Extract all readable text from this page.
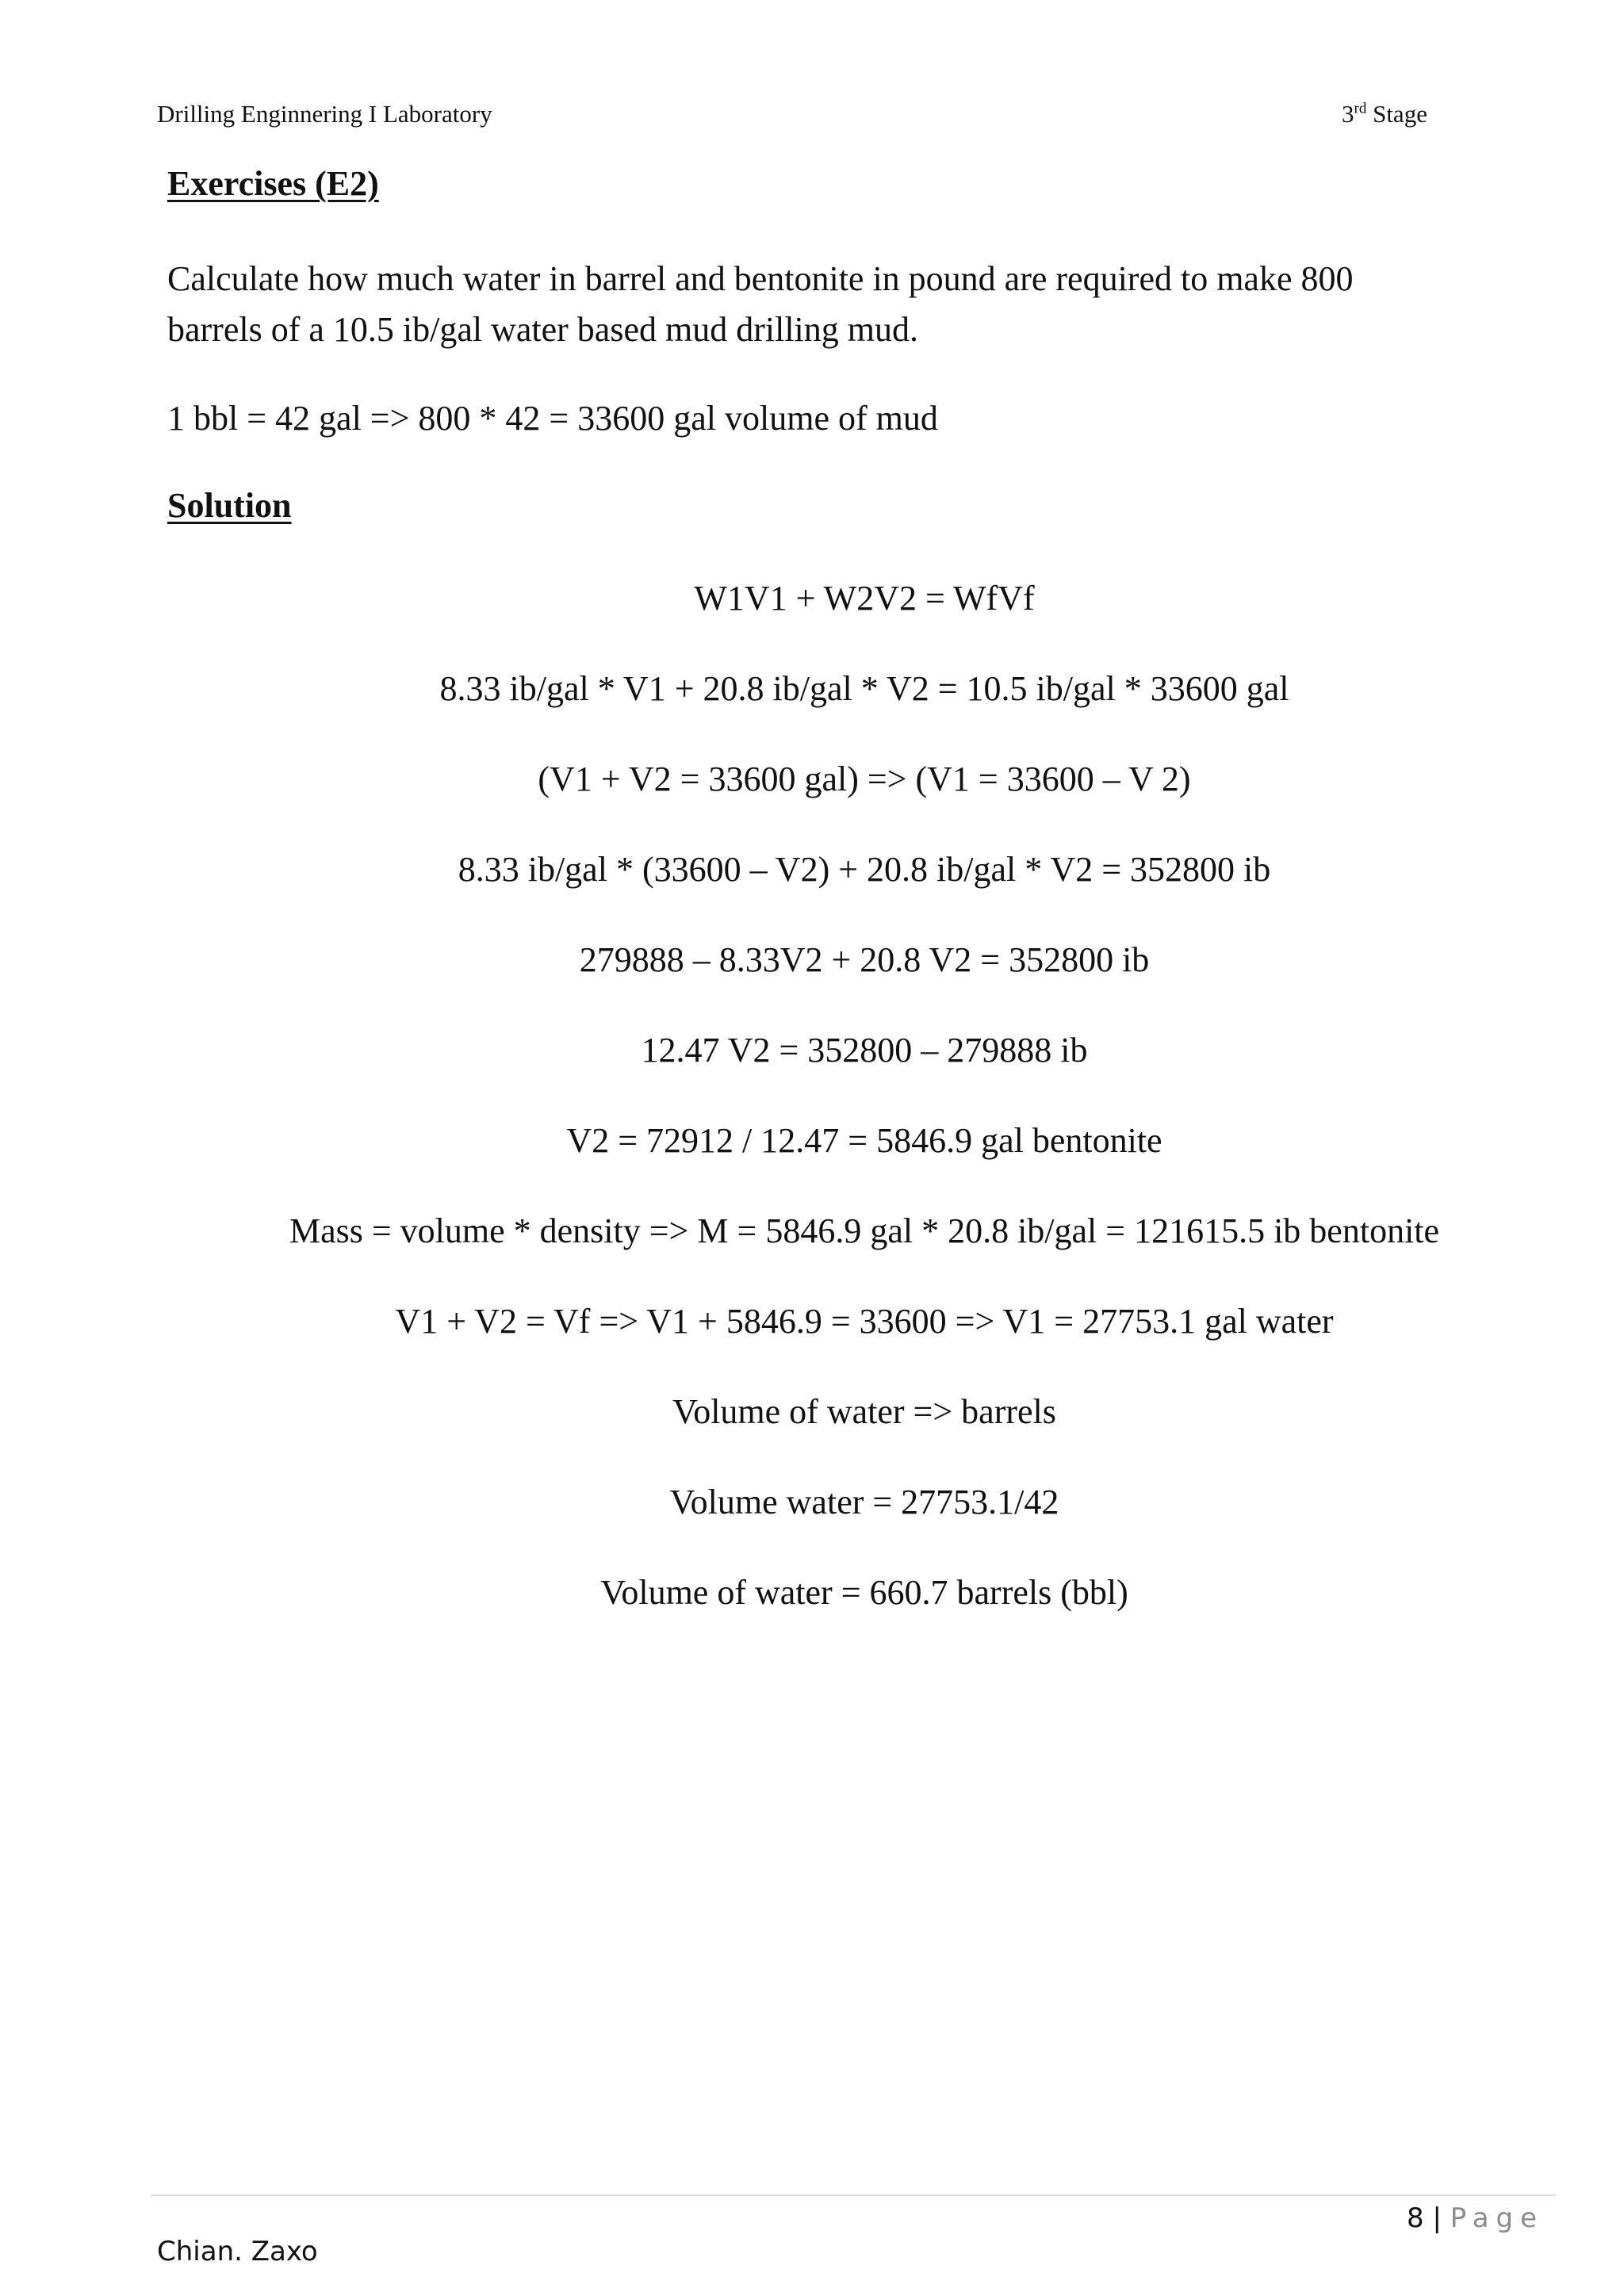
Drilling Enginnering I Laboratory	3rd Stage
Exercises (E2)
Calculate how much water in barrel and bentonite in pound are required to make 800
barrels of a 10.5 ib/gal water based mud drilling mud.
1 bbl = 42 gal => 800 * 42 = 33600 gal volume of mud
Solution
W1V1 + W2V2 = WfVf
8.33 ib/gal * V1 + 20.8 ib/gal * V2 = 10.5 ib/gal * 33600 gal
(V1 + V2 = 33600 gal) => (V1 = 33600 – V 2)
8.33 ib/gal * (33600 – V2) + 20.8 ib/gal * V2 = 352800 ib
279888 – 8.33V2 + 20.8 V2 = 352800 ib
12.47 V2 = 352800 – 279888 ib
V2 = 72912 / 12.47 = 5846.9 gal bentonite
Mass = volume * density => M = 5846.9 gal * 20.8 ib/gal = 121615.5 ib bentonite
V1 + V2 = Vf => V1 + 5846.9 = 33600 => V1 = 27753.1 gal water
Volume of water => barrels
Volume water = 27753.1/42
Volume of water = 660.7 barrels (bbl)
8 | Page
Chian. Zaxo
